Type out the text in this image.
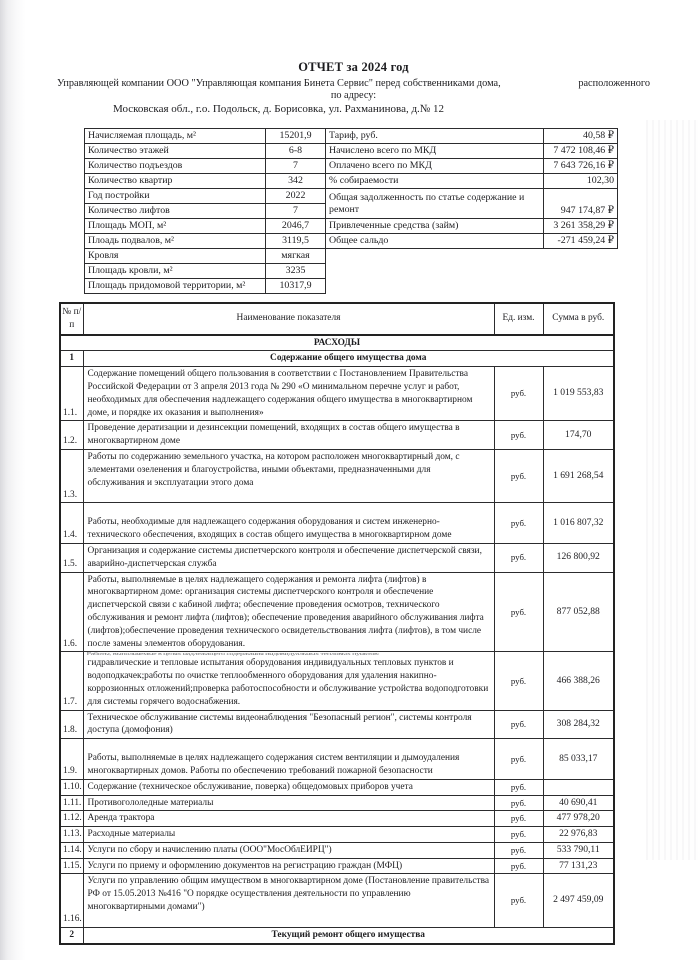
ОТЧЕТ за 2024 год
Управляющей компании ООО "Управляющая компания Бинета Сервис" перед собственниками дома,	расположенного
по адресу:
Московская обл., г.о. Подольск, д. Борисовка, ул. Рахманинова, д.№ 12
Начисляемая площадь, м²	15201,9	Тариф, руб.	40,58 ₽
Количество этажей	6-8	Начислено всего по МКД	7 472 108,46 ₽
Количество подъездов	7	Оплачено всего по МКД	7 643 726,16 ₽
Количество квартир	342	% собираемости	102,30
Год постройки	2022	Общая задолженность по статье содержание и ремонт	947 174,87 ₽
Количество лифтов	7		
Площадь МОП, м²	2046,7	Привлеченные средства (займ)	3 261 358,29 ₽
Плоадь подвалов, м²	3119,5	Общее сальдо	-271 459,24 ₽
Кровля	мягкая		
Площадь кровли, м²	3235		
Площадь придомовой территории, м²	10317,9		
№ п/п	Наименование показателя	Ед. изм.	Сумма в руб.
РАСХОДЫ			
1	Содержание общего имущества дома		
1.1.	Содержание помещений общего пользования в соответствии с Постановлением Правительства Российской Федерации от 3 апреля 2013 года № 290 «О минимальном перечне услуг и работ, необходимых для обеспечения надлежащего содержания общего имущества в многоквартирном доме, и порядке их оказания и выполнения»	руб.	1 019 553,83
1.2.	Проведение дератизации и дезинсекции помещений, входящих в состав общего имущества в многоквартирном доме	руб.	174,70
1.3.	Работы по содержанию земельного участка, на котором расположен многоквартирный дом, с элементами озеленения и благоустройства, иными объектами, предназначенными для обслуживания и эксплуатации этого дома	руб.	1 691 268,54
1.4.	Работы, необходимые для надлежащего содержания оборудования и систем инженерно-технического обеспечения, входящих в состав общего имущества в многоквартирном доме	руб.	1 016 807,32
1.5.	Организация и содержание системы диспетчерского контроля и обеспечение диспетчерской связи, аварийно-диспетчерская служба	руб.	126 800,92
1.6.	Работы, выполняемые в целях надлежащего содержания и ремонта лифта (лифтов) в многоквартирном доме: организация системы диспетчерского контроля и обеспечение диспетчерской связи с кабиной лифта; обеспечение проведения осмотров, технического обслуживания и ремонт лифта (лифтов); обеспечение проведения аварийного обслуживания лифта (лифтов);обеспечение проведения технического освидетельствования лифта (лифтов), в том числе после замены элементов оборудования.	руб.	877 052,88
1.7.	Работы, выполняемые в целях надлежащего содержания индивидуальных тепловых пунктов:
гидравлические и тепловые испытания оборудования индивидуальных тепловых пунктов и водоподкачек;работы по очистке теплообменного оборудования для удаления накипно-коррозионных отложений;проверка работоспособности и обслуживание устройства водоподготовки для системы горячего водоснабжения.	руб.	466 388,26
1.8.	Техническое обслуживание системы видеонаблюдения "Безопасный регион", системы контроля доступа (домофония)	руб.	308 284,32
1.9.	Работы, выполняемые в целях надлежащего содержания систем вентиляции и дымоудаления многоквартирных домов. Работы по обеспечению требований пожарной безопасности	руб.	85 033,17
1.10.	Содержание (техническое обслуживание, поверка) общедомовых приборов учета	руб.	
1.11.	Противогололедные материалы	руб.	40 690,41
1.12.	Аренда трактора	руб.	477 978,20
1.13.	Расходные материалы	руб.	22 976,83
1.14.	Услуги по сбору и начислению платы (ООО"МосОблЕИРЦ")	руб.	533 790,11
1.15.	Услуги по приему и оформлению документов на регистрацию граждан (МФЦ)	руб.	77 131,23
1.16.	Услуги по управлению общим имуществом в многоквартирном доме (Постановление правительства РФ от 15.05.2013 №416 "О порядке осуществления деятельности по управлению многоквартирными домами")	руб.	2 497 459,09
2	Текущий ремонт общего имущества		
